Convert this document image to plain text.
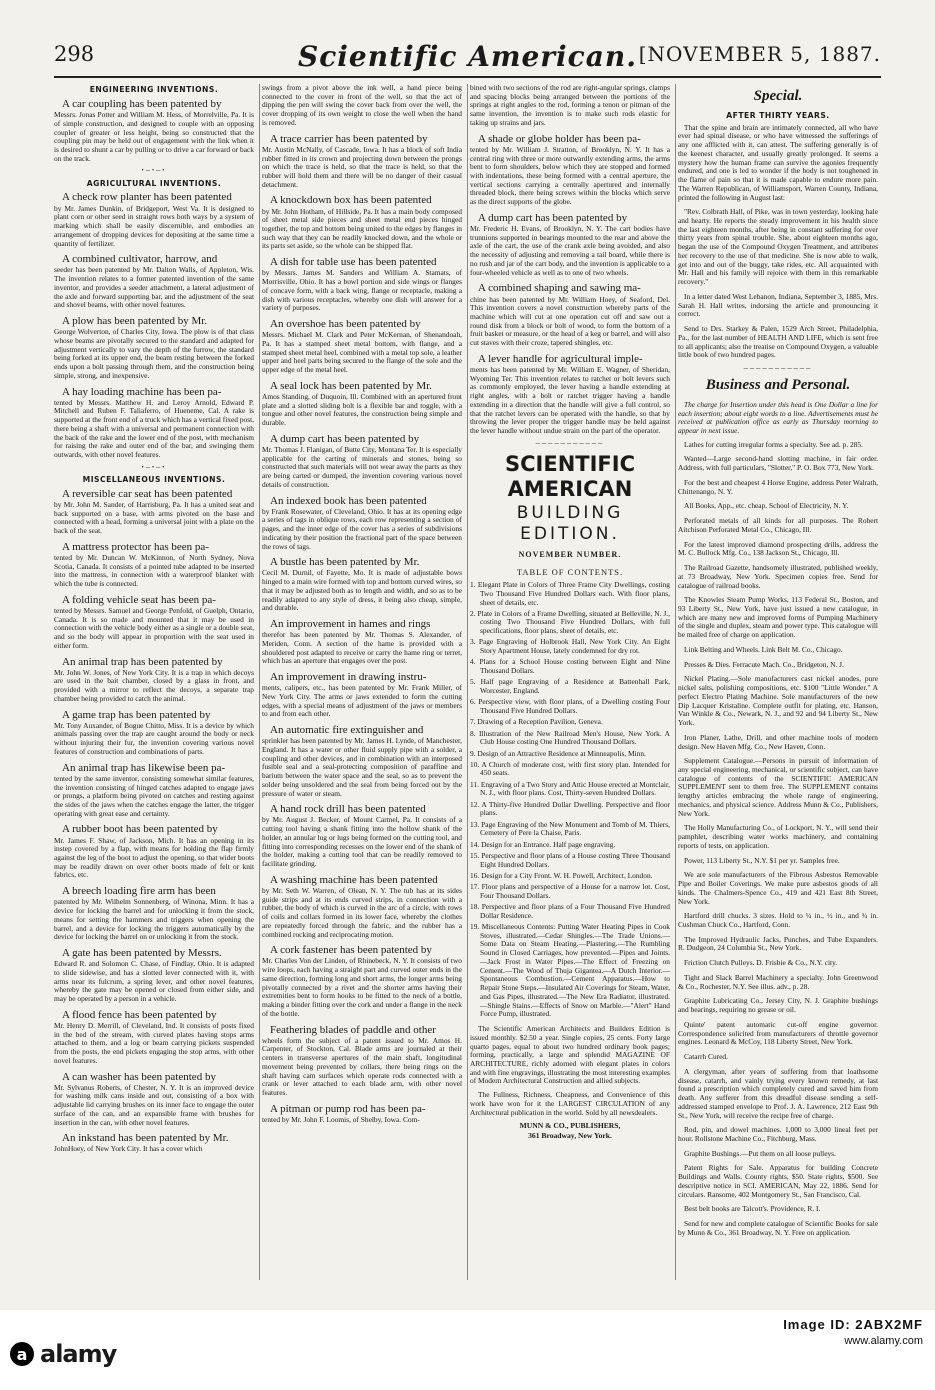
298	Scientific American. [NOVEMBER 5, 1887.
ENGINEERING INVENTIONS.
A car coupling has been patented by
Messrs. Jonas Potter and William M. Hess, of Morrelville, Pa. It is of simple construction, and designed to couple with an opposing coupler of greater or less height, being so constructed that the coupling pin may be held out of engagement with the link when it is desired to shunt a car by pulling or to drive a car forward or back on the track.
•─•─•
AGRICULTURAL INVENTIONS.
A check row planter has been patented
by Mr. James Dunkin, of Bridgeport, West Va. It is designed to plant corn or other seed in straight rows both ways by a system of marking which shall be easily discernible, and embodies an arrangement of dropping devices for depositing at the same time a quantity of fertilizer.
A combined cultivator, harrow, and
seeder has been patented by Mr. Dalton Walls, of Appleton, Wis. The invention relates to a former patented invention of the same inventor, and provides a seeder attachment, a lateral adjustment of the axle and forward supporting bar, and the adjustment of the seat and shovel beams, with other novel features.
A plow has been patented by Mr.
George Wolverton, of Charles City, Iowa. The plow is of that class whose beams are pivotally secured to the standard and adapted for adjustment vertically to vary the depth of the furrow, the standard being forked at its upper end, the beam resting between the forked ends upon a bolt passing through them, and the construction being simple, strong, and inexpensive.
A hay loading machine has been pa-
tented by Messrs. Matthew H. and Leroy Arnold, Edward P. Mitchell and Ruben F. Taliaferro, of Hueneme, Cal. A rake is supported at the front end of a truck which has a vertical fixed post, there being a shaft with a universal and permanent connection with the back of the rake and the lower end of the post, with mechanism for raising the rake and outer end of the bar, and swinging them outwards, with other novel features.
•─•─•
MISCELLANEOUS INVENTIONS.
A reversible car seat has been patented
by Mr. John M. Sander, of Harrisburg, Pa. It has a united seat and back supported on a base, with arms pivoted on the base and connected with a head, forming a universal joint with a plate on the back of the seat.
A mattress protector has been pa-
tented by Mr. Duncan W. McKinnon, of North Sydney, Nova Scotia, Canada. It consists of a pointed tube adapted to be inserted into the mattress, in connection with a waterproof blanket with which the tube is connected.
A folding vehicle seat has been pa-
tented by Messrs. Samuel and George Penfold, of Guelph, Ontario, Canada. It is so made and mounted that it may be used in connection with the vehicle body either as a single or a double seat, and so the body will appear in proportion with the seat used in either form.
An animal trap has been patented by
Mr. John W. Jones, of New York City. It is a trap in which decoys are used in the bait chamber, closed by a glass in front, and provided with a mirror to reflect the decoys, a separate trap chamber being provided to catch the animal.
A game trap has been patented by
Mr. Tony Auxander, of Bogue Chitto, Miss. It is a device by which animals passing over the trap are caught around the body or neck without injuring their fur, the invention covering various novel features of construction and combinations of parts.
An animal trap has likewise been pa-
tented by the same inventor, consisting somewhat similar features, the invention consisting of hinged catches adapted to engage jaws or prongs, a platform being pivoted on catches and resting against the sides of the jaws when the catches engage the latter, the trigger operating with great ease and certainty.
A rubber boot has been patented by
Mr. James F. Shaw, of Jackson, Mich. It has an opening in its instep covered by a flap, with means for holding the flap firmly against the leg of the boot to adjust the opening, so that wider boots may be readily drawn on over other boots made of felt or knit fabrics, etc.
A breech loading fire arm has been
patented by Mr. Wilhelm Sonnenberg, of Winona, Minn. It has a device for locking the barrel and for unlocking it from the stock, means for setting the hammers and triggers when opening the barrel, and a device for locking the triggers automatically by the device for locking the barrel on or unlocking it from the stock.
A gate has been patented by Messrs.
Edward R. and Solomon C. Chase, of Findlay, Ohio. It is adapted to slide sidewise, and has a slotted lever connected with it, with arms near its fulcrum, a spring lever, and other novel features, whereby the gate may be opened or closed from either side, and may be operated by a person in a vehicle.
A flood fence has been patented by
Mr. Henry D. Merrill, of Cleveland, Ind. It consists of posts fixed in the bed of the stream, with curved plates having stops arms attached to them, and a log or beam carrying pickets suspended from the posts, the end pickets engaging the stop arms, with other novel features.
A can washer has been patented by
Mr. Sylvanus Roberts, of Chester, N. Y. It is an improved device for washing milk cans inside and out, consisting of a box with adjustable lid carrying brushes on its inner face to engage the outer surface of the can, and an expansible frame with brushes for insertion in the can, with other novel features.
An inkstand has been patented by Mr.
JohnHoey, of New York City. It has a cover which
swings from a pivot above the ink well, a hand piece being connected to the cover in front of the well, so that the act of dipping the pen will swing the cover back from over the well, the cover dropping of its own weight to close the well when the hand is removed.
A trace carrier has been patented by
Mr. Austin McNally, of Cascade, Iowa. It has a block of soft India rubber fitted in its crown and projecting down between the prongs on which the trace is held, so that the trace is held, so that the rubber will hold them and there will be no danger of their casual detachment.
A knockdown box has been patented
by Mr. John Hotham, of Hillside, Pa. It has a main body composed of sheet metal side pieces and sheet metal end pieces hinged together, the top and bottom being united to the edges by flanges in such way that they can be readily knocked down, and the whole or its parts set aside, so the whole can be shipped flat.
A dish for table use has been patented
by Messrs. James M. Sanders and William A. Stamats, of Morrisville, Ohio. It has a bowl portion and side wings or flanges of concave form, with a back wing, flange or receptacle, making a dish with various receptacles, whereby one dish will answer for a variety of purposes.
An overshoe has been patented by
Messrs. Michael M. Clark and Peter McKernan, of Shenandoah, Pa. It has a stamped sheet metal bottom, with flange, and a stamped sheet metal heel, combined with a metal top sole, a leather upper and heel parts being secured to the flange of the sole and the upper edge of the metal heel.
A seal lock has been patented by Mr.
Amos Standing, of Duquoin, Ill. Combined with an apertured front plate and a slotted sliding bolt is a flexible bar and toggle, with a tongue and other novel features, the construction being simple and durable.
A dump cart has been patented by
Mr. Thomas J. Flanigan, of Butte City, Montana Ter. It is especially applicable for the carting of minerals and stones, being so constructed that such materials will not wear away the parts as they are being carted or dumped, the invention covering various novel details of construction.
An indexed book has been patented
by Frank Rosewater, of Cleveland, Ohio. It has at its opening edge a series of tags in oblique rows, each row representing a section of pages, and the inner edge of the cover has a series of subdivisions indicating by their position the fractional part of the space between the rows of tags.
A bustle has been patented by Mr.
Cecil M. Durnil, of Fayette, Mo. It is made of adjustable bows hinged to a main wire formed with top and bottom curved wires, so that it may be adjusted both as to length and width, and so as to be readily adapted to any style of dress, it being also cheap, simple, and durable.
An improvement in hames and rings
therefor has been patented by Mr. Thomas S. Alexander, of Meriden, Conn. A section of the hame is provided with a shouldered post adapted to receive or carry the hame ring or terret, which has an aperture that engages over the post.
An improvement in drawing instru-
ments, calipers, etc., has been patented by Mr. Frank Miller, of New York City. The arms or jaws extended to form the cutting edges, with a special means of adjustment of the jaws or members to and from each other.
An automatic fire extinguisher and
sprinkler has been patented by Mr. James H. Lynde, of Manchester, England. It has a water or other fluid supply pipe with a solder, a coupling and other devices, and in combination with an interposed fusible seal and a seal-protecting composition of paraffine and barium between the water space and the seal, so as to prevent the solder being unsoldered and the seal from being forced out by the pressure of water or steam.
A hand rock drill has been patented
by Mr. August J. Becker, of Mount Carmel, Pa. It consists of a cutting tool having a shank fitting into the hollow shank of the holder, an annular lug or lugs being formed on the cutting tool, and fitting into corresponding recesses on the lower end of the shank of the holder, making a cutting tool that can be readily removed to facilitate grinding.
A washing machine has been patented
by Mr. Seth W. Warren, of Olean, N. Y. The tub has at its sides guide strips and at its ends curved strips, in connection with a rubber, the body of which is curved in the arc of a circle, with rows of coils and collars formed in its lower face, whereby the clothes are repeatedly forced through the fabric, and the rubber has a combined rocking and reciprocating motion.
A cork fastener has been patented by
Mr. Charles Von der Linden, of Rhinebeck, N. Y. It consists of two wire loops, each having a straight part and curved outer ends in the same direction, forming long and short arms, the longer arms being pivotally connected by a rivet and the shorter arms having their extremities bent to form hooks to be fitted to the neck of a bottle, making a binder fitting over the cork and under a flange in the neck of the bottle.
Feathering blades of paddle and other
wheels form the subject of a patent issued to Mr. Amos H. Carpenter, of Stockton, Cal. Blade arms are journaled at their centers in transverse apertures of the main shaft, longitudinal movement being prevented by collars, there being rings on the shaft having cam surfaces which operate rods connected with a crank or lever attached to each blade arm, with other novel features.
A pitman or pump rod has been pa-
tented by Mr. John F. Loomis, of Shelby, Iowa. Com-
bined with two sections of the rod are right-angular springs, clamps and spacing blocks being arranged between the portions of the springs at right angles to the rod, forming a tenon or pitman of the same invention, the invention is to make such rods elastic for taking up strains and jars.
A shade or globe holder has been pa-
tented by Mr. William J. Stratton, of Brooklyn, N. Y. It has a central ring with three or more outwardly extending arms, the arms bent to form shoulders, below which they are stopped and formed with indentations, these being formed with a central aperture, the vertical sections carrying a centrally apertured and internally threaded block, there being screws within the blocks which serve as the direct supports of the globe.
A dump cart has been patented by
Mr. Frederic H. Evans, of Brooklyn, N. Y. The cart bodies have trunnions supported in bearings mounted to the rear and above the axle of the cart, the use of the crank axle being avoided, and also the necessity of adjusting and removing a tail board, while there is no rush and jar of the cart body, and the invention is applicable to a four-wheeled vehicle as well as to one of two wheels.
A combined shaping and sawing ma-
chine has been patented by Mr. William Hoey, of Seaford, Del. This invention covers a novel construction whereby parts of the machine which will cut at one operation cut off and saw out a round disk from a block or bolt of wood, to form the bottom of a fruit basket or measure, or the head of a keg or barrel, and will also cut staves with their croze, tapered shingles, etc.
A lever handle for agricultural imple-
ments has been patented by Mr. William E. Wagner, of Sheridan, Wyoming Ter. This invention relates to ratchet or bolt levers such as commonly employed, the lever having a handle extending at right angles, with a bolt or ratchet trigger having a handle extending in a direction that the handle will give a full control, so that the ratchet levers can be operated with the handle, so that by throwing the lever proper the trigger handle may be held against the lever handle without undue strain on the part of the operator.
───────────
SCIENTIFIC AMERICAN
BUILDING EDITION.
NOVEMBER NUMBER.
TABLE OF CONTENTS.
1. Elegant Plate in Colors of Three Frame City Dwellings, costing Two Thousand Five Hundred Dollars each. With floor plans, sheet of details, etc.
2. Plate in Colors of a Frame Dwelling, situated at Belleville, N. J., costing Two Thousand Five Hundred Dollars, with full specifications, floor plans, sheet of details, etc.
3. Page Engraving of Holbrook Hall, New York City. An Eight Story Apartment House, lately condemned for dry rot.
4. Plans for a School House costing between Eight and Nine Thousand Dollars.
5. Half page Engraving of a Residence at Battenhall Park, Worcester, England.
6. Perspective view, with floor plans, of a Dwelling costing Four Thousand Five Hundred Dollars.
7. Drawing of a Reception Pavilion, Geneva.
8. Illustration of the New Railroad Men's House, New York. A Club House costing One Hundred Thousand Dollars.
9. Design of an Attractive Residence at Minneapolis, Minn.
10. A Church of moderate cost, with first story plan. Intended for 450 seats.
11. Engraving of a Two Story and Attic House erected at Montclair, N. J., with floor plans. Cost, Thirty-seven Hundred Dollars.
12. A Thirty-five Hundred Dollar Dwelling. Perspective and floor plans.
13. Page Engraving of the New Monument and Tomb of M. Thiers, Cemetery of Pere la Chaise, Paris.
14. Design for an Entrance. Half page engraving.
15. Perspective and floor plans of a House costing Three Thousand Eight Hundred Dollars.
16. Design for a City Front. W. H. Powell, Architect, London.
17. Floor plans and perspective of a House for a narrow lot. Cost, Four Thousand Dollars.
18. Perspective and floor plans of a Four Thousand Five Hundred Dollar Residence.
19. Miscellaneous Contents: Putting Water Heating Pipes in Cook Stoves, illustrated.—Cedar Shingles.—The Trade Unions.—Some Data on Steam Heating.—Plastering.—The Rumbling Sound in Closed Carriages, how prevented.—Pipes and Joints.—Jack Frost in Water Pipes.—The Effect of Freezing on Cement.—The Wood of Thuja Gigantea.—A Dutch Interior.—Spontaneous Combustion.—Cement Apparatus.—How to Repair Stone Steps.—Insulated Air Coverings for Steam, Water, and Gas Pipes, illustrated.—The New Era Radiator, illustrated.—Shingle Stains.—Effects of Snow on Marble.—"Alert" Hand Force Pump, illustrated.
The Scientific American Architects and Builders Edition is issued monthly. $2.50 a year. Single copies, 25 cents. Forty large quarto pages, equal to about two hundred ordinary book pages; forming, practically, a large and splendid MAGAZINE OF ARCHITECTURE, richly adorned with elegant plates in colors and with fine engravings, illustrating the most interesting examples of Modern Architectural Construction and allied subjects.
The Fullness, Richness, Cheapness, and Convenience of this work have won for it the LARGEST CIRCULATION of any Architectural publication in the world. Sold by all newsdealers.
MUNN & CO., PUBLISHERS,
361 Broadway, New York.
Special.
AFTER THIRTY YEARS.
That the spine and brain are intimately connected, all who have ever had spinal disease, or who have witnessed the sufferings of any one afflicted with it, can attest. The suffering generally is of the keenest character, and usually greatly prolonged. It seems a mystery how the human frame can survive the agonies frequently endured, and one is led to wonder if the body is not toughened in the flame of pain so that it is made capable to endure more pain. The Warren Republican, of Williamsport, Warren County, Indiana, printed the following in August last:
"Rev. Colbrath Hall, of Pike, was in town yesterday, looking hale and hearty. He reports the steady improvement in his health since the last eighteen months, after being in constant suffering for over thirty years from spinal trouble. She, about eighteen months ago, began the use of the Compound Oxygen Treatment, and attributes her recovery to the use of that medicine. She is now able to walk, get into and out of the buggy, take rides, etc. All acquainted with Mr. Hall and his family will rejoice with them in this remarkable recovery."
In a letter dated West Lebanon, Indiana, September 3, 1885, Mrs. Sarah H. Hall writes, indorsing the article and pronouncing it correct.
Send to Drs. Starkey & Palen, 1529 Arch Street, Philadelphia, Pa., for the last number of HEALTH AND LIFE, which is sent free to all applicants; also the treatise on Compound Oxygen, a valuable little book of two hundred pages.
───────────
Business and Personal.
The charge for Insertion under this head is One Dollar a line for each insertion; about eight words to a line. Advertisements must be received at publication office as early as Thursday morning to appear in next issue.
Lathes for cutting irregular forms a specialty. See ad. p. 285.
Wanted—Large second-hand slotting machine, in fair order. Address, with full particulars, "Slotter," P. O. Box 773, New York.
For the best and cheapest 4 Horse Engine, address Peter Walrath, Chittenango, N. Y.
All Books, App., etc. cheap. School of Electricity, N. Y.
Perforated metals of all kinds for all purposes. The Robert Aitchison Perforated Metal Co., Chicago, Ill.
For the latest improved diamond prospecting drills, address the M. C. Bullock Mfg. Co., 138 Jackson St., Chicago, Ill.
The Railroad Gazette, handsomely illustrated, published weekly, at 73 Broadway, New York. Specimen copies free. Send for catalogue of railroad books.
The Knowles Steam Pump Works, 113 Federal St., Boston, and 93 Liberty St., New York, have just issued a new catalogue, in which are many new and improved forms of Pumping Machinery of the single and duplex, steam and power type. This catalogue will be mailed free of charge on application.
Link Belting and Wheels. Link Belt M. Co., Chicago.
Presses & Dies. Ferracute Mach. Co., Bridgeton, N. J.
Nickel Plating.—Sole manufacturers cast nickel anodes, pure nickel salts, polishing compositions, etc. $100 "Little Wonder." A perfect Electro Plating Machine. Sole manufacturers of the new Dip Lacquer Kristaline. Complete outfit for plating, etc. Hanson, Van Winkle & Co., Newark, N. J., and 92 and 94 Liberty St., New York.
Iron Planer, Lathe, Drill, and other machine tools of modern design. New Haven Mfg. Co., New Haven, Conn.
Supplement Catalogue.—Persons in pursuit of information of any special engineering, mechanical, or scientific subject, can have catalogue of contents of the SCIENTIFIC AMERICAN SUPPLEMENT sent to them free. The SUPPLEMENT contains lengthy articles embracing the whole range of engineering, mechanics, and physical science. Address Munn & Co., Publishers, New York.
The Holly Manufacturing Co., of Lockport, N. Y., will send their pamphlet, describing water works machinery, and containing reports of tests, on application.
Power, 113 Liberty St., N.Y. $1 per yr. Samples free.
We are sole manufacturers of the Fibrous Asbestos Removable Pipe and Boiler Coverings. We make pure asbestos goods of all kinds. The Chalmers-Spence Co., 419 and 421 East 8th Street, New York.
Hartford drill chucks. 3 sizes. Hold to ¼ in., ½ in., and ¾ in. Cushman Chuck Co., Hartford, Conn.
The Improved Hydraulic Jacks, Punches, and Tube Expanders. R. Dudgeon, 24 Columbia St., New York.
Friction Clutch Pulleys. D. Frisbie & Co., N.Y. city.
Tight and Slack Barrel Machinery a specialty. John Greenwood & Co., Rochester, N.Y. See illus. adv., p. 28.
Graphite Lubricating Co., Jersey City, N. J. Graphite bushings and bearings, requiring no grease or oil.
Quinte' patent automatic cut-off engine governor. Correspondence solicited from manufacturers of throttle governor engines. Leonard & McCoy, 118 Liberty Street, New York.
Catarrh Cured.
A clergyman, after years of suffering from that loathsome disease, catarrh, and vainly trying every known remedy, at last found a prescription which completely cured and saved him from death. Any sufferer from this dreadful disease sending a self-addressed stamped envelope to Prof. J. A. Lawrence, 212 East 9th St., New York, will receive the recipe free of charge.
Rod, pin, and dowel machines. 1,000 to 3,000 lineal feet per hour. Rollstone Machine Co., Fitchburg, Mass.
Graphite Bushings.—Put them on all loose pulleys.
Patent Rights for Sale. Apparatus for building Concrete Buildings and Walls. County rights, $50. State rights, $500. See descriptive notice in SCI. AMERICAN, May 22, 1886. Send for circulars. Ransome, 402 Montgomery St., San Francisco, Cal.
Best belt books are Talcott's. Providence, R. I.
Send for new and complete catalogue of Scientific Books for sale by Munn & Co., 361 Broadway, N. Y. Free on application.
a alamy
Image ID: 2ABX2MF
www.alamy.com
